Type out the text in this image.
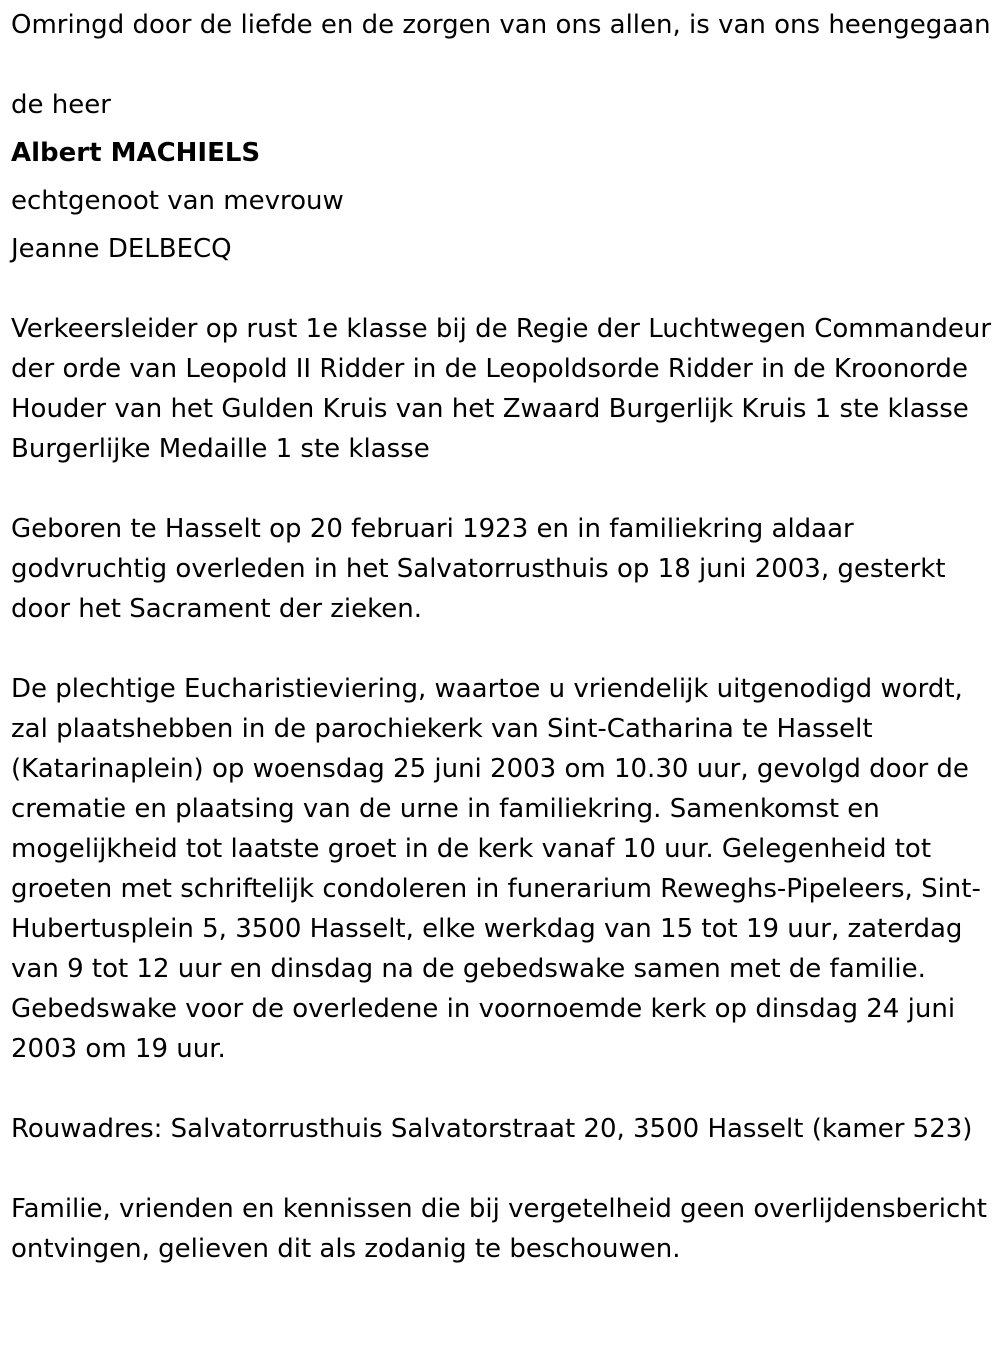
Omringd door de liefde en de zorgen van ons allen, is van ons heengegaan

de heer

Albert MACHIELS

echtgenoot van mevrouw

Jeanne DELBECQ

Verkeersleider op rust 1e klasse bij de Regie der Luchtwegen Commandeur der orde van Leopold II Ridder in de Leopoldsorde Ridder in de Kroonorde Houder van het Gulden Kruis van het Zwaard Burgerlijk Kruis 1 ste klasse Burgerlijke Medaille 1 ste klasse

Geboren te Hasselt op 20 februari 1923 en in familiekring aldaar godvruchtig overleden in het Salvatorrusthuis op 18 juni 2003, gesterkt door het Sacrament der zieken.

De plechtige Eucharistieviering, waartoe u vriendelijk uitgenodigd wordt, zal plaatshebben in de parochiekerk van Sint-Catharina te Hasselt (Katarinaplein) op woensdag 25 juni 2003 om 10.30 uur, gevolgd door de crematie en plaatsing van de urne in familiekring. Samenkomst en mogelijkheid tot laatste groet in de kerk vanaf 10 uur. Gelegenheid tot groeten met schriftelijk condoleren in funerarium Reweghs-Pipeleers, Sint-Hubertusplein 5, 3500 Hasselt, elke werkdag van 15 tot 19 uur, zaterdag van 9 tot 12 uur en dinsdag na de gebedswake samen met de familie. Gebedswake voor de overledene in voornoemde kerk op dinsdag 24 juni 2003 om 19 uur.

Rouwadres: Salvatorrusthuis Salvatorstraat 20, 3500 Hasselt (kamer 523)

Familie, vrienden en kennissen die bij vergetelheid geen overlijdensbericht ontvingen, gelieven dit als zodanig te beschouwen.
